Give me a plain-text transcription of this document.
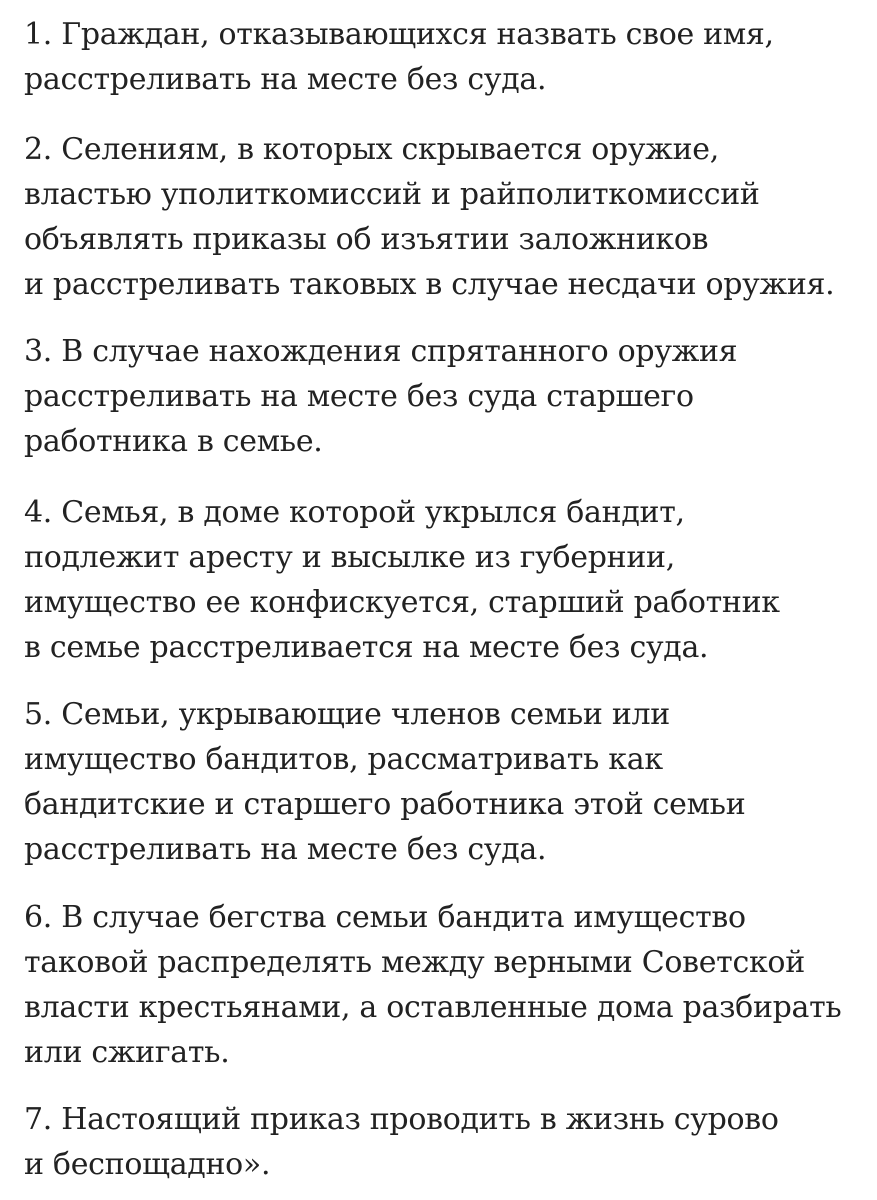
1. Граждан, отказывающихся назвать свое имя,
расстреливать на месте без суда.

2. Селениям, в которых скрывается оружие,
властью уполиткомиссий и райполиткомиссий
объявлять приказы об изъятии заложников
и расстреливать таковых в случае несдачи оружия.

3. В случае нахождения спрятанного оружия
расстреливать на месте без суда старшего
работника в семье.

4. Семья, в доме которой укрылся бандит,
подлежит аресту и высылке из губернии,
имущество ее конфискуется, старший работник
в семье расстреливается на месте без суда.

5. Семьи, укрывающие членов семьи или
имущество бандитов, рассматривать как
бандитские и старшего работника этой семьи
расстреливать на месте без суда.

6. В случае бегства семьи бандита имущество
таковой распределять между верными Советской
власти крестьянами, а оставленные дома разбирать
или сжигать.

7. Настоящий приказ проводить в жизнь сурово
и беспощадно».
